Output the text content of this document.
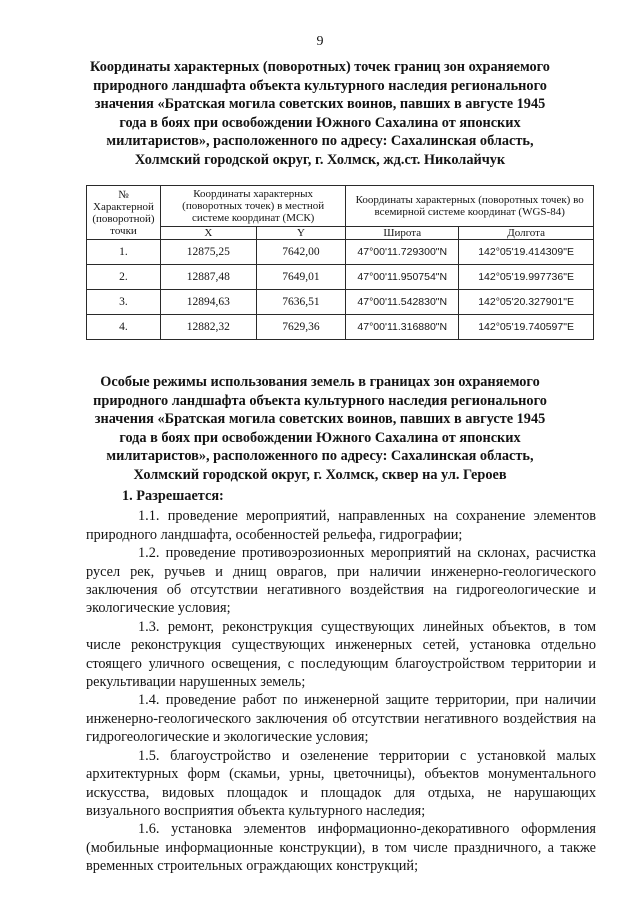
9
Координаты характерных (поворотных) точек границ зон охраняемого
природного ландшафта объекта культурного наследия регионального
значения «Братская могила советских воинов, павших в августе 1945
года в боях при освобождении Южного Сахалина от японских
милитаристов», расположенного по адресу: Сахалинская область,
Холмский городской округ, г. Холмск, жд.ст. Николайчук
№ Характерной (поворотной) точки	Координаты характерных (поворотных точек) в местной системе координат (МСК)		Координаты характерных (поворотных точек) во всемирной системе координат (WGS-84)	
	X	Y	Широта	Долгота
1.	12875,25	7642,00	47°00'11.729300"N	142°05'19.414309"E
2.	12887,48	7649,01	47°00'11.950754"N	142°05'19.997736"E
3.	12894,63	7636,51	47°00'11.542830"N	142°05'20.327901"E
4.	12882,32	7629,36	47°00'11.316880"N	142°05'19.740597"E
Особые режимы использования земель в границах зон охраняемого
природного ландшафта объекта культурного наследия регионального
значения «Братская могила советских воинов, павших в августе 1945
года в боях при освобождении Южного Сахалина от японских
милитаристов», расположенного по адресу: Сахалинская область,
Холмский городской округ, г. Холмск, сквер на ул. Героев

1. Разрешается:

1.1. проведение мероприятий, направленных на сохранение элементов природного ландшафта, особенностей рельефа, гидрографии;

1.2. проведение противоэрозионных мероприятий на склонах, расчистка русел рек, ручьев и днищ оврагов, при наличии инженерно-геологического заключения об отсутствии негативного воздействия на гидрогеологические и экологические условия;

1.3. ремонт, реконструкция существующих линейных объектов, в том числе реконструкция существующих инженерных сетей, установка отдельно стоящего уличного освещения, с последующим благоустройством территории и рекультивации нарушенных земель;

1.4. проведение работ по инженерной защите территории, при наличии инженерно-геологического заключения об отсутствии негативного воздействия на гидрогеологические и экологические условия;

1.5. благоустройство и озеленение территории с установкой малых архитектурных форм (скамьи, урны, цветочницы), объектов монументального искусства, видовых площадок и площадок для отдыха, не нарушающих визуального восприятия объекта культурного наследия;

1.6. установка элементов информационно-декоративного оформления (мобильные информационные конструкции), в том числе праздничного, а также временных строительных ограждающих конструкций;
